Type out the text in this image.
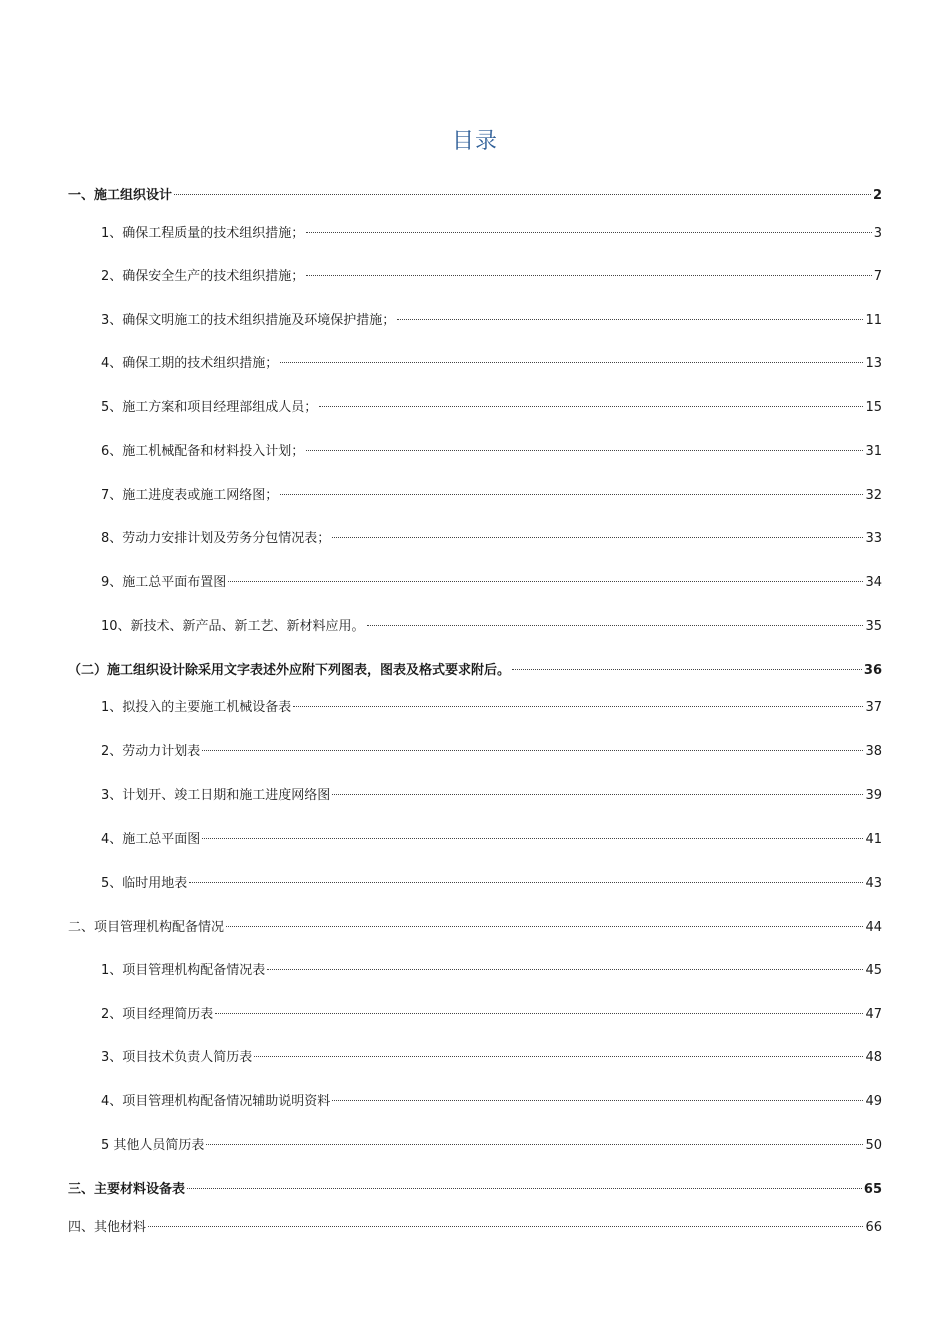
目录
一、施工组织设计	2
1、确保工程质量的技术组织措施；	3
2、确保安全生产的技术组织措施；	7
3、确保文明施工的技术组织措施及环境保护措施；	11
4、确保工期的技术组织措施；	13
5、施工方案和项目经理部组成人员；	15
6、施工机械配备和材料投入计划；	31
7、施工进度表或施工网络图；	32
8、劳动力安排计划及劳务分包情况表；	33
9、施工总平面布置图	34
10、新技术、新产品、新工艺、新材料应用。	35
（二）施工组织设计除采用文字表述外应附下列图表，图表及格式要求附后。	36
1、拟投入的主要施工机械设备表	37
2、劳动力计划表	38
3、计划开、竣工日期和施工进度网络图	39
4、施工总平面图	41
5、临时用地表	43
二、项目管理机构配备情况	44
1、项目管理机构配备情况表	45
2、项目经理简历表	47
3、项目技术负责人简历表	48
4、项目管理机构配备情况辅助说明资料	49
5 其他人员简历表	50
三、主要材料设备表	65
四、其他材料	66
